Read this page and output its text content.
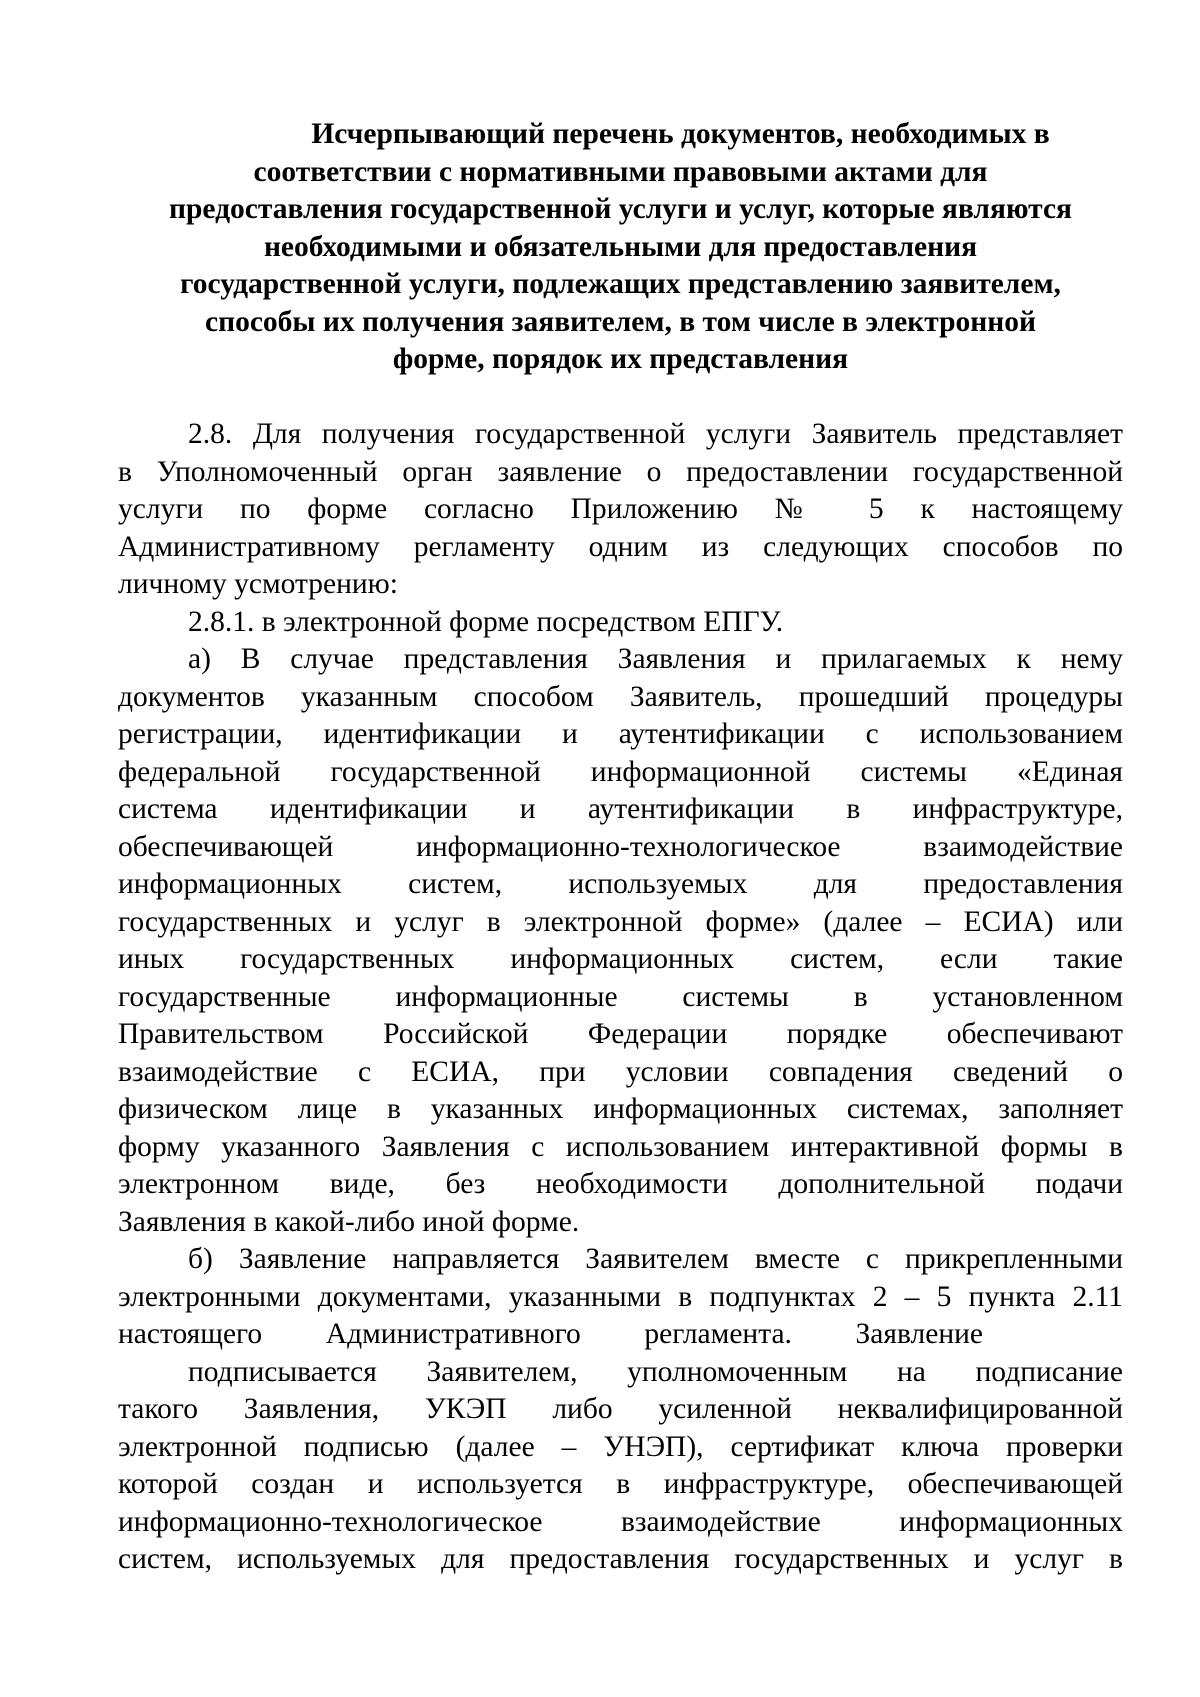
Исчерпывающий перечень документов, необходимых в
соответствии с нормативными правовыми актами для
предоставления государственной услуги и услуг, которые являются
необходимыми и обязательными для предоставления
государственной услуги, подлежащих представлению заявителем,
способы их получения заявителем, в том числе в электронной
форме, порядок их представления
2.8. Для получения государственной услуги Заявитель представляет
в Уполномоченный орган заявление о предоставлении государственной
услуги по форме согласно Приложению № 5 к настоящему
Административному регламенту одним из следующих способов по
личному усмотрению:
2.8.1. в электронной форме посредством ЕПГУ.
а) В случае представления Заявления и прилагаемых к нему
документов указанным способом Заявитель, прошедший процедуры
регистрации, идентификации и аутентификации с использованием
федеральной государственной информационной системы «Единая
система идентификации и аутентификации в инфраструктуре,
обеспечивающей информационно-технологическое взаимодействие
информационных систем, используемых для предоставления
государственных и услуг в электронной форме» (далее – ЕСИА) или
иных государственных информационных систем, если такие
государственные информационные системы в установленном
Правительством Российской Федерации порядке обеспечивают
взаимодействие с ЕСИА, при условии совпадения сведений о
физическом лице в указанных информационных системах, заполняет
форму указанного Заявления с использованием интерактивной формы в
электронном виде, без необходимости дополнительной подачи
Заявления в какой-либо иной форме.
б) Заявление направляется Заявителем вместе с прикрепленными
электронными документами, указанными в подпунктах 2 – 5 пункта 2.11
настоящего Административного регламента. Заявление
подписывается Заявителем, уполномоченным на подписание
такого Заявления, УКЭП либо усиленной неквалифицированной
электронной подписью (далее – УНЭП), сертификат ключа проверки
которой создан и используется в инфраструктуре, обеспечивающей
информационно-технологическое взаимодействие информационных
систем, используемых для предоставления государственных и услуг в
